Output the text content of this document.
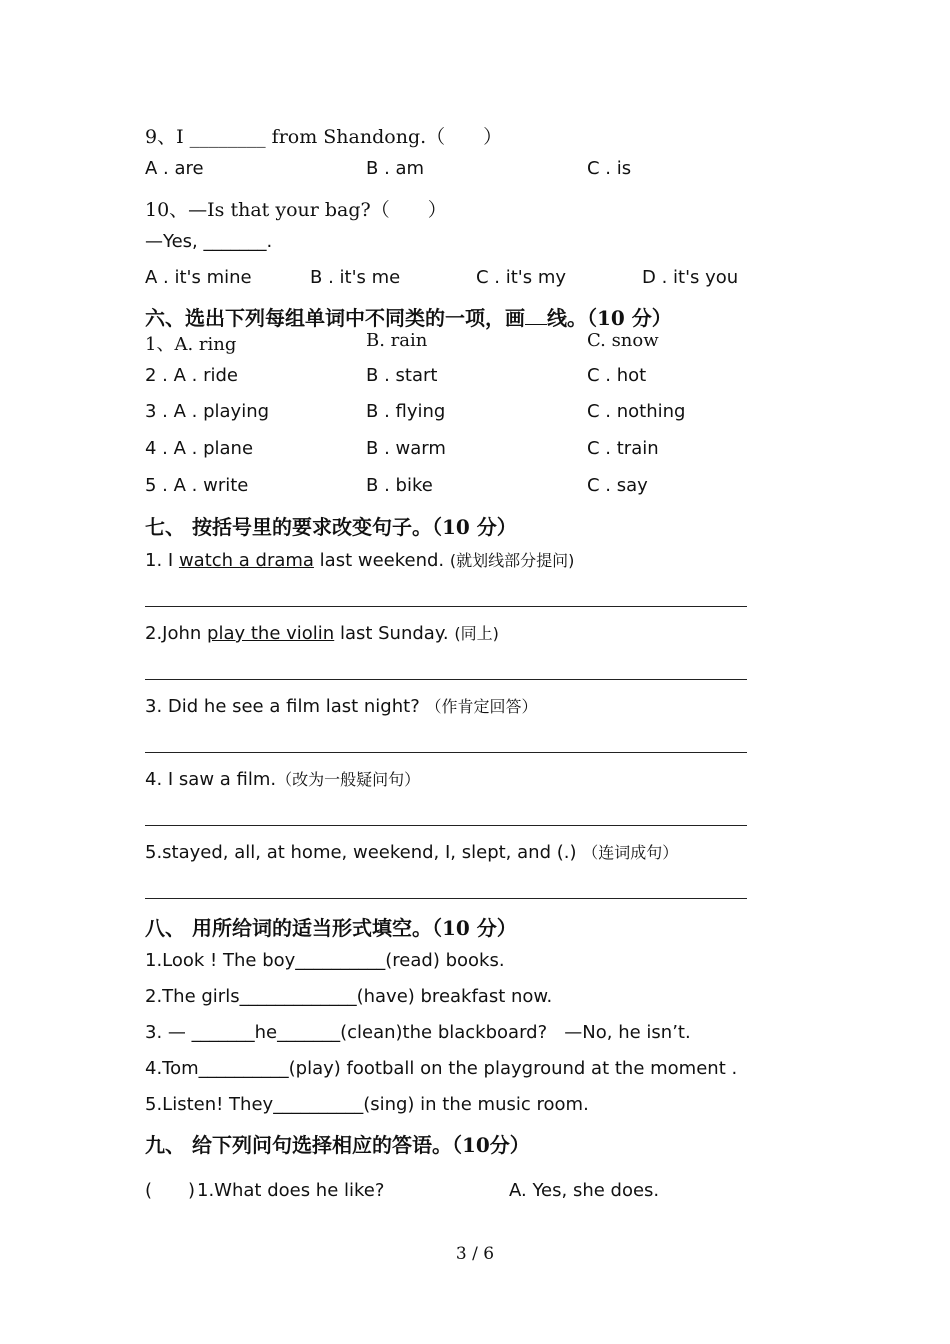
9、I ________ from Shandong.（　　）
A . are	B . am	C . is
10、—Is that your bag?（　　）
—Yes, _______.
A . it's mine	B . it's me	C . it's my	D . it's you
六、选出下列每组单词中不同类的一项，画 线。（10 分）
1、A. ring	B. rain	C. snow
2 . A . ride	B . start	C . hot
3 . A . playing	B . flying	C . nothing
4 . A . plane	B . warm	C . train
5 . A . write	B . bike	C . say
七、 按括号里的要求改变句子。（10 分）
1. I watch a drama last weekend. (就划线部分提问)
2.John play the violin last Sunday. (同上)
3. Did he see a film last night? （作肯定回答）
4. I saw a film.（改为一般疑问句）
5.stayed, all, at home, weekend, I, slept, and (.) （连词成句）
八、 用所给词的适当形式填空。（10 分）
1.Look ! The boy__________(read) books.
2.The girls_____________(have) breakfast now.
3. — _______he_______(clean)the blackboard?   —No, he isn’t.
4.Tom__________(play) football on the playground at the moment .
5.Listen! They__________(sing) in the music room.
九、 给下列问句选择相应的答语。（10分）
( ) 1.What does he like?	A. Yes, she does.
3 / 6
